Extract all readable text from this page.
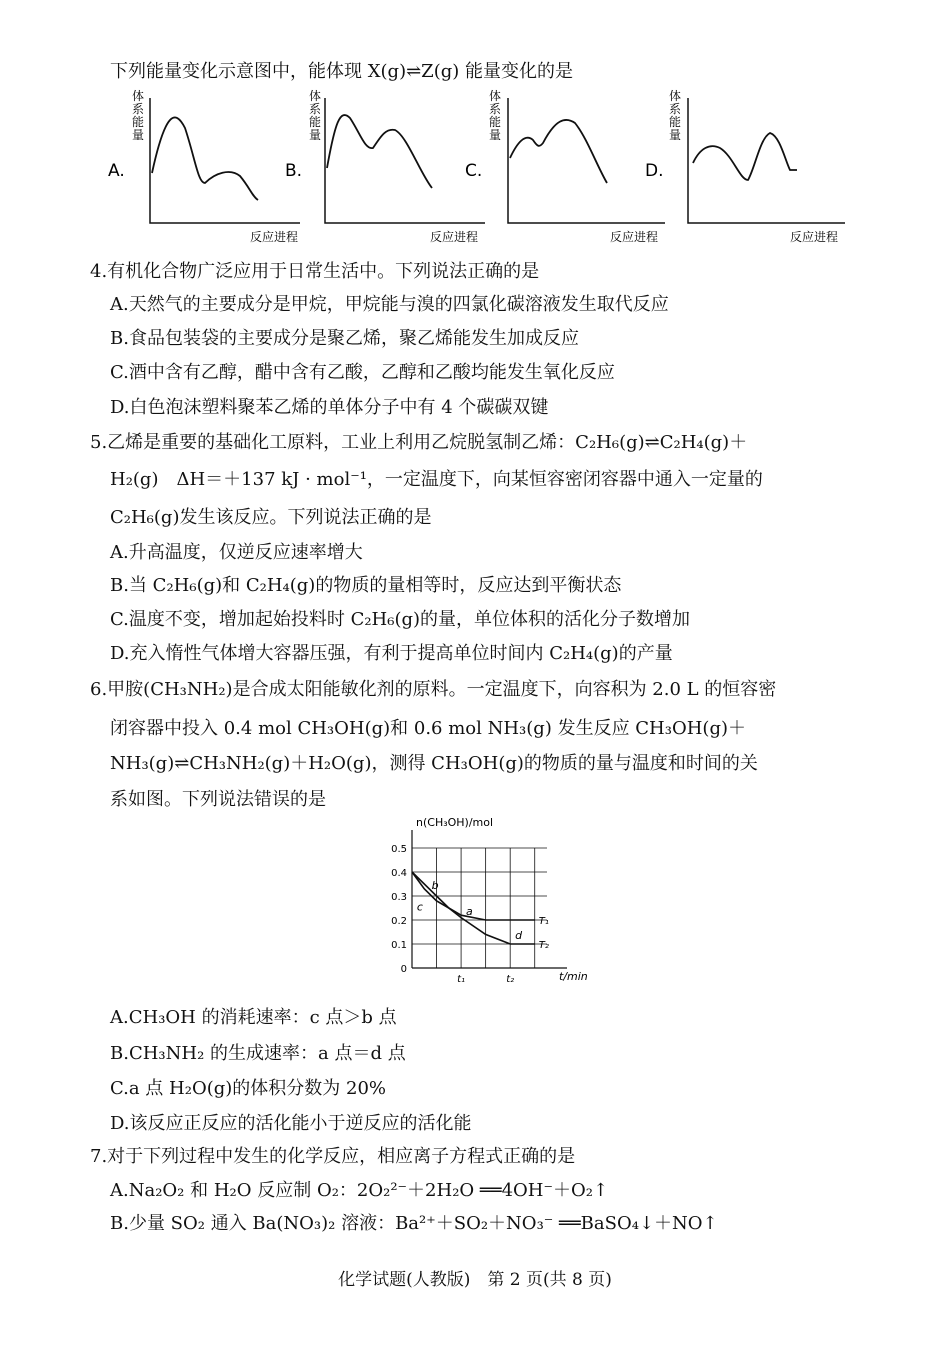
下列能量变化示意图中，能体现 X(g)⇌Z(g) 能量变化的是
A.
体系能量
反应进程
B.
体系能量
反应进程
C.
体系能量
反应进程
D.
体系能量
反应进程
4.有机化合物广泛应用于日常生活中。下列说法正确的是
A.天然气的主要成分是甲烷，甲烷能与溴的四氯化碳溶液发生取代反应
B.食品包装袋的主要成分是聚乙烯，聚乙烯能发生加成反应
C.酒中含有乙醇，醋中含有乙酸，乙醇和乙酸均能发生氧化反应
D.白色泡沫塑料聚苯乙烯的单体分子中有 4 个碳碳双键
5.乙烯是重要的基础化工原料，工业上利用乙烷脱氢制乙烯：C₂H₆(g)⇌C₂H₄(g)＋
H₂(g)　ΔH＝＋137 kJ · mol⁻¹，一定温度下，向某恒容密闭容器中通入一定量的
C₂H₆(g)发生该反应。下列说法正确的是
A.升高温度，仅逆反应速率增大
B.当 C₂H₆(g)和 C₂H₄(g)的物质的量相等时，反应达到平衡状态
C.温度不变，增加起始投料时 C₂H₆(g)的量，单位体积的活化分子数增加
D.充入惰性气体增大容器压强，有利于提高单位时间内 C₂H₄(g)的产量
6.甲胺(CH₃NH₂)是合成太阳能敏化剂的原料。一定温度下，向容积为 2.0 L 的恒容密
闭容器中投入 0.4 mol CH₃OH(g)和 0.6 mol NH₃(g) 发生反应 CH₃OH(g)＋
NH₃(g)⇌CH₃NH₂(g)＋H₂O(g)，测得 CH₃OH(g)的物质的量与温度和时间的关
系如图。下列说法错误的是
0
0.1
0.2
0.3
0.4
0.5
t₁	t₂
n(CH₃OH)/mol
t/min
T₁
T₂
a
b
c
d
A.CH₃OH 的消耗速率：c 点＞b 点
B.CH₃NH₂ 的生成速率：a 点＝d 点
C.a 点 H₂O(g)的体积分数为 20%
D.该反应正反应的活化能小于逆反应的活化能
7.对于下列过程中发生的化学反应，相应离子方程式正确的是
A.Na₂O₂ 和 H₂O 反应制 O₂：2O₂²⁻＋2H₂O ══4OH⁻＋O₂↑
B.少量 SO₂ 通入 Ba(NO₃)₂ 溶液：Ba²⁺＋SO₂＋NO₃⁻ ══BaSO₄↓＋NO↑
化学试题(人教版)　第 2 页(共 8 页)
